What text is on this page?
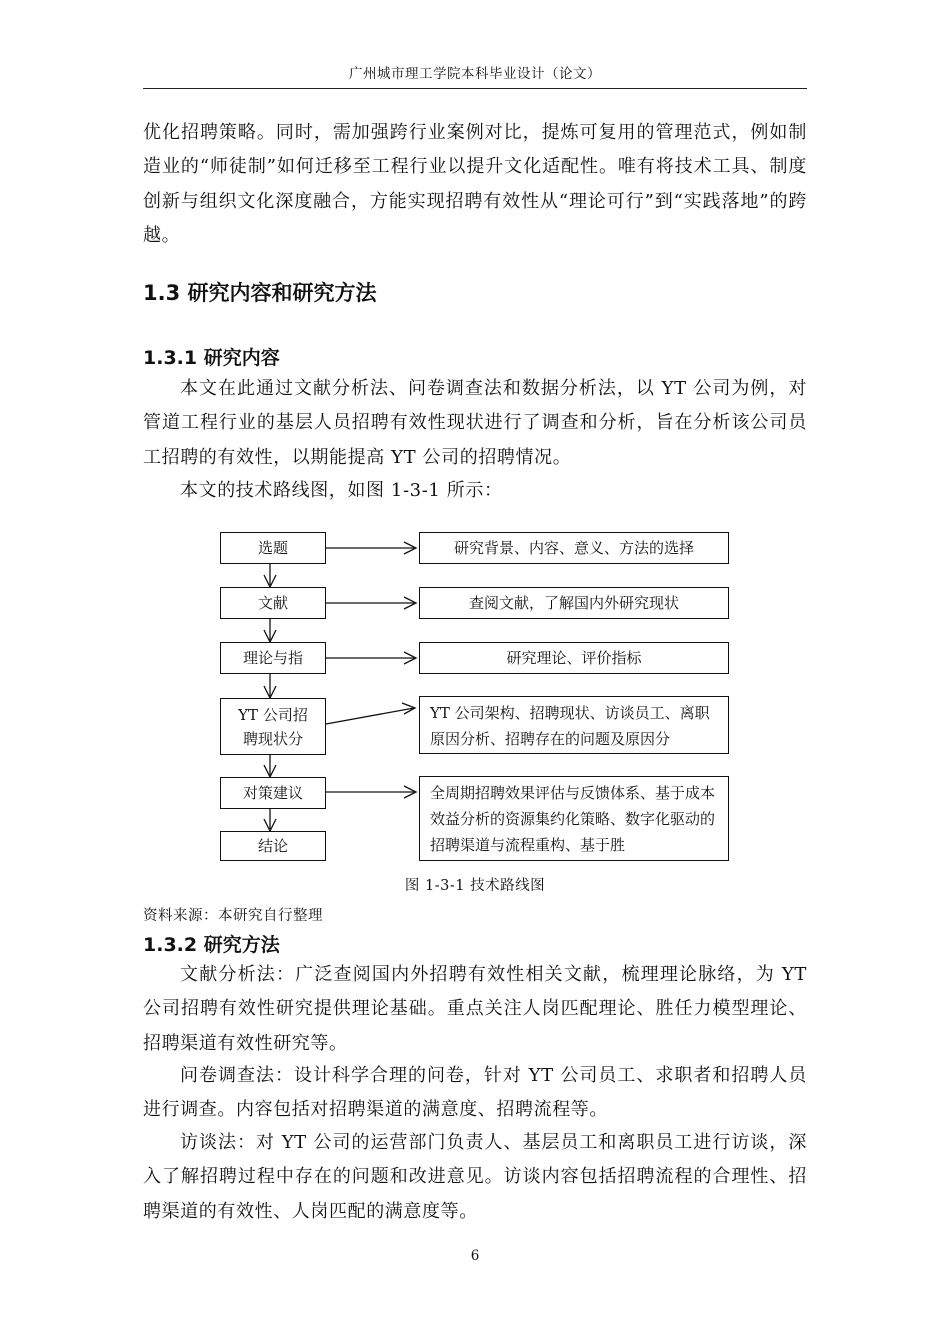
广州城市理工学院本科毕业设计（论文）

优化招聘策略。同时，需加强跨行业案例对比，提炼可复用的管理范式，例如制造业的“师徒制”如何迁移至工程行业以提升文化适配性。唯有将技术工具、制度创新与组织文化深度融合，方能实现招聘有效性从“理论可行”到“实践落地”的跨越。

1.3 研究内容和研究方法
1.3.1 研究内容

本文在此通过文献分析法、问卷调查法和数据分析法，以 YT 公司为例，对管道工程行业的基层人员招聘有效性现状进行了调查和分析，旨在分析该公司员工招聘的有效性，以期能提高 YT 公司的招聘情况。

本文的技术路线图，如图 1-3-1 所示：

选题
文献
理论与指
YT 公司招聘现状分
对策建议
结论
研究背景、内容、意义、方法的选择
查阅文献，了解国内外研究现状
研究理论、评价指标
YT 公司架构、招聘现状、访谈员工、离职原因分析、招聘存在的问题及原因分
全周期招聘效果评估与反馈体系、基于成本效益分析的资源集约化策略、数字化驱动的招聘渠道与流程重构、基于胜
图 1-3-1 技术路线图
资料来源：本研究自行整理
1.3.2 研究方法

文献分析法：广泛查阅国内外招聘有效性相关文献，梳理理论脉络，为 YT 公司招聘有效性研究提供理论基础。重点关注人岗匹配理论、胜任力模型理论、招聘渠道有效性研究等。

问卷调查法：设计科学合理的问卷，针对 YT 公司员工、求职者和招聘人员进行调查。内容包括对招聘渠道的满意度、招聘流程等。

访谈法：对 YT 公司的运营部门负责人、基层员工和离职员工进行访谈，深入了解招聘过程中存在的问题和改进意见。访谈内容包括招聘流程的合理性、招聘渠道的有效性、人岗匹配的满意度等。

6
